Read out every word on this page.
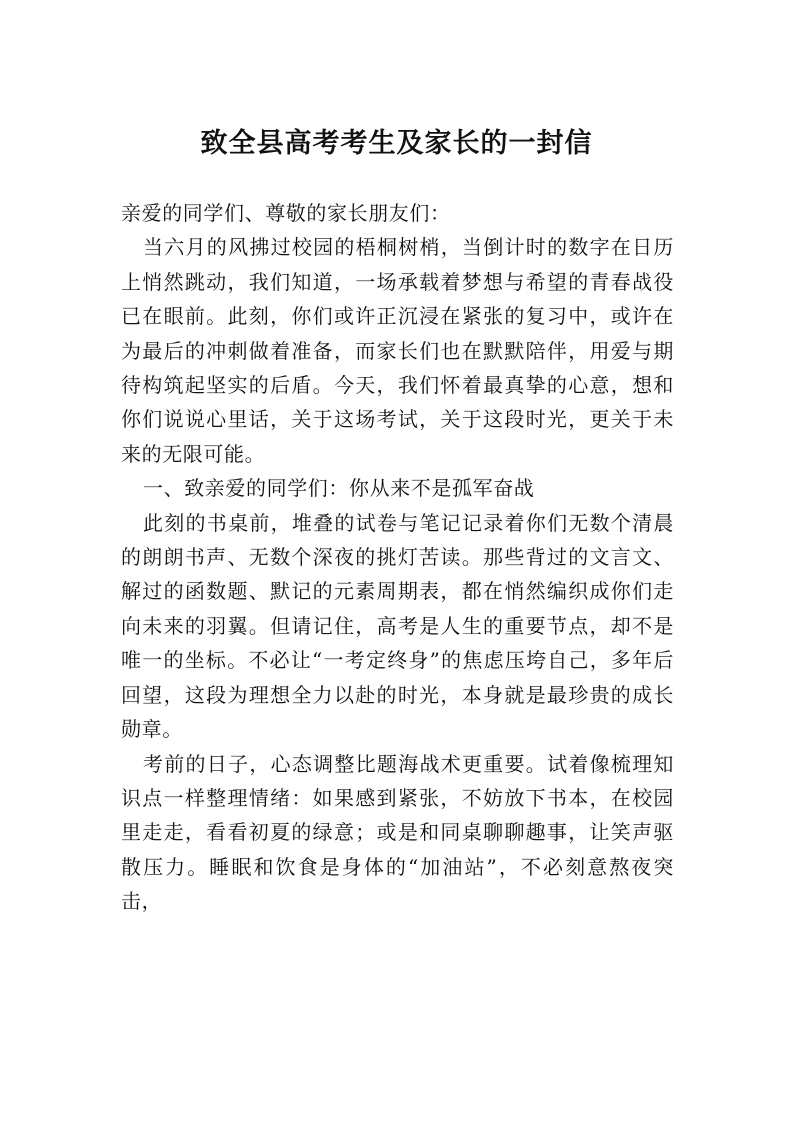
致全县高考考生及家长的一封信

亲爱的同学们、尊敬的家长朋友们：

当六月的风拂过校园的梧桐树梢，当倒计时的数字在日历上悄然跳动，我们知道，一场承载着梦想与希望的青春战役已在眼前。此刻，你们或许正沉浸在紧张的复习中，或许在为最后的冲刺做着准备，而家长们也在默默陪伴，用爱与期待构筑起坚实的后盾。今天，我们怀着最真挚的心意，想和你们说说心里话，关于这场考试，关于这段时光，更关于未来的无限可能。

一、致亲爱的同学们：你从来不是孤军奋战

此刻的书桌前，堆叠的试卷与笔记记录着你们无数个清晨的朗朗书声、无数个深夜的挑灯苦读。那些背过的文言文、解过的函数题、默记的元素周期表，都在悄然编织成你们走向未来的羽翼。但请记住，高考是人生的重要节点，却不是唯一的坐标。不必让“一考定终身”的焦虑压垮自己，多年后回望，这段为理想全力以赴的时光，本身就是最珍贵的成长勋章。

考前的日子，心态调整比题海战术更重要。试着像梳理知识点一样整理情绪：如果感到紧张，不妨放下书本，在校园里走走，看看初夏的绿意；或是和同桌聊聊趣事，让笑声驱散压力。睡眠和饮食是身体的“加油站”，不必刻意熬夜突击，
